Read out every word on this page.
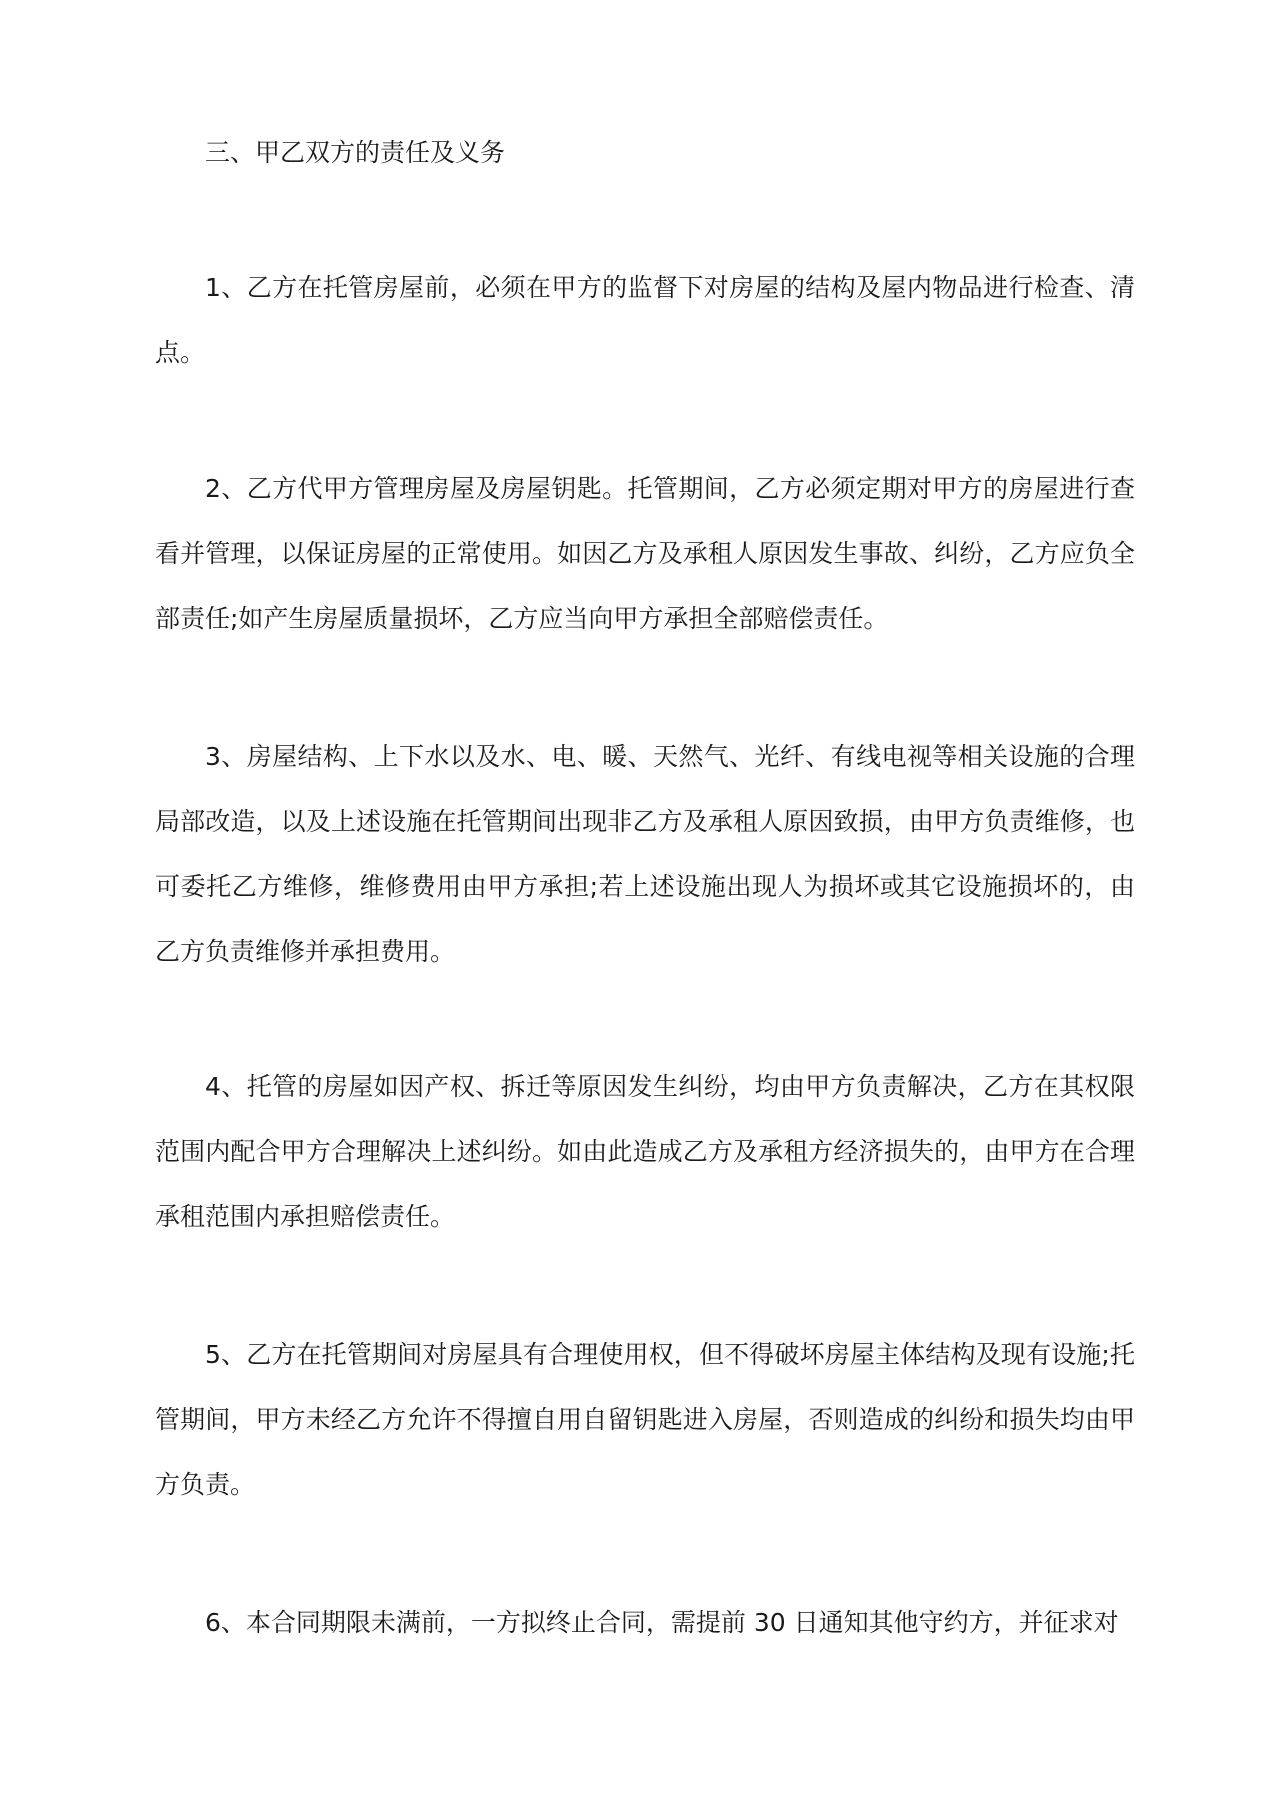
三、甲乙双方的责任及义务

1、乙方在托管房屋前，必须在甲方的监督下对房屋的结构及屋内物品进行检查、清点。

2、乙方代甲方管理房屋及房屋钥匙。托管期间，乙方必须定期对甲方的房屋进行查看并管理，以保证房屋的正常使用。如因乙方及承租人原因发生事故、纠纷，乙方应负全部责任;如产生房屋质量损坏，乙方应当向甲方承担全部赔偿责任。

3、房屋结构、上下水以及水、电、暖、天然气、光纤、有线电视等相关设施的合理局部改造，以及上述设施在托管期间出现非乙方及承租人原因致损，由甲方负责维修，也可委托乙方维修，维修费用由甲方承担;若上述设施出现人为损坏或其它设施损坏的，由乙方负责维修并承担费用。

4、托管的房屋如因产权、拆迁等原因发生纠纷，均由甲方负责解决，乙方在其权限范围内配合甲方合理解决上述纠纷。如由此造成乙方及承租方经济损失的，由甲方在合理承租范围内承担赔偿责任。

5、乙方在托管期间对房屋具有合理使用权，但不得破坏房屋主体结构及现有设施;托管期间，甲方未经乙方允许不得擅自用自留钥匙进入房屋，否则造成的纠纷和损失均由甲方负责。

6、本合同期限未满前，一方拟终止合同，需提前 30 日通知其他守约方，并征求对
